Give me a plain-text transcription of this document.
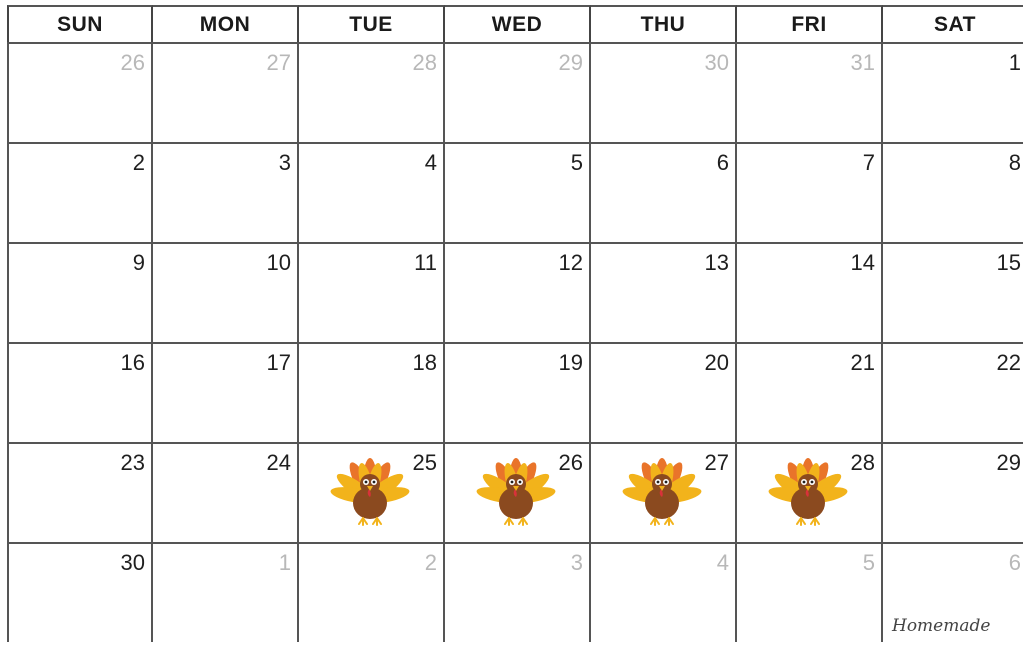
SUN	MON	TUE	WED	THU	FRI	SAT
26	27	28	29	30	31	1
2	3	4	5	6	7	8
9	10	11	12	13	14	15
16	17	18	19	20	21	22
23	24	25	26	27	28	29
30	1	2	3	4	5	6
Homemade
